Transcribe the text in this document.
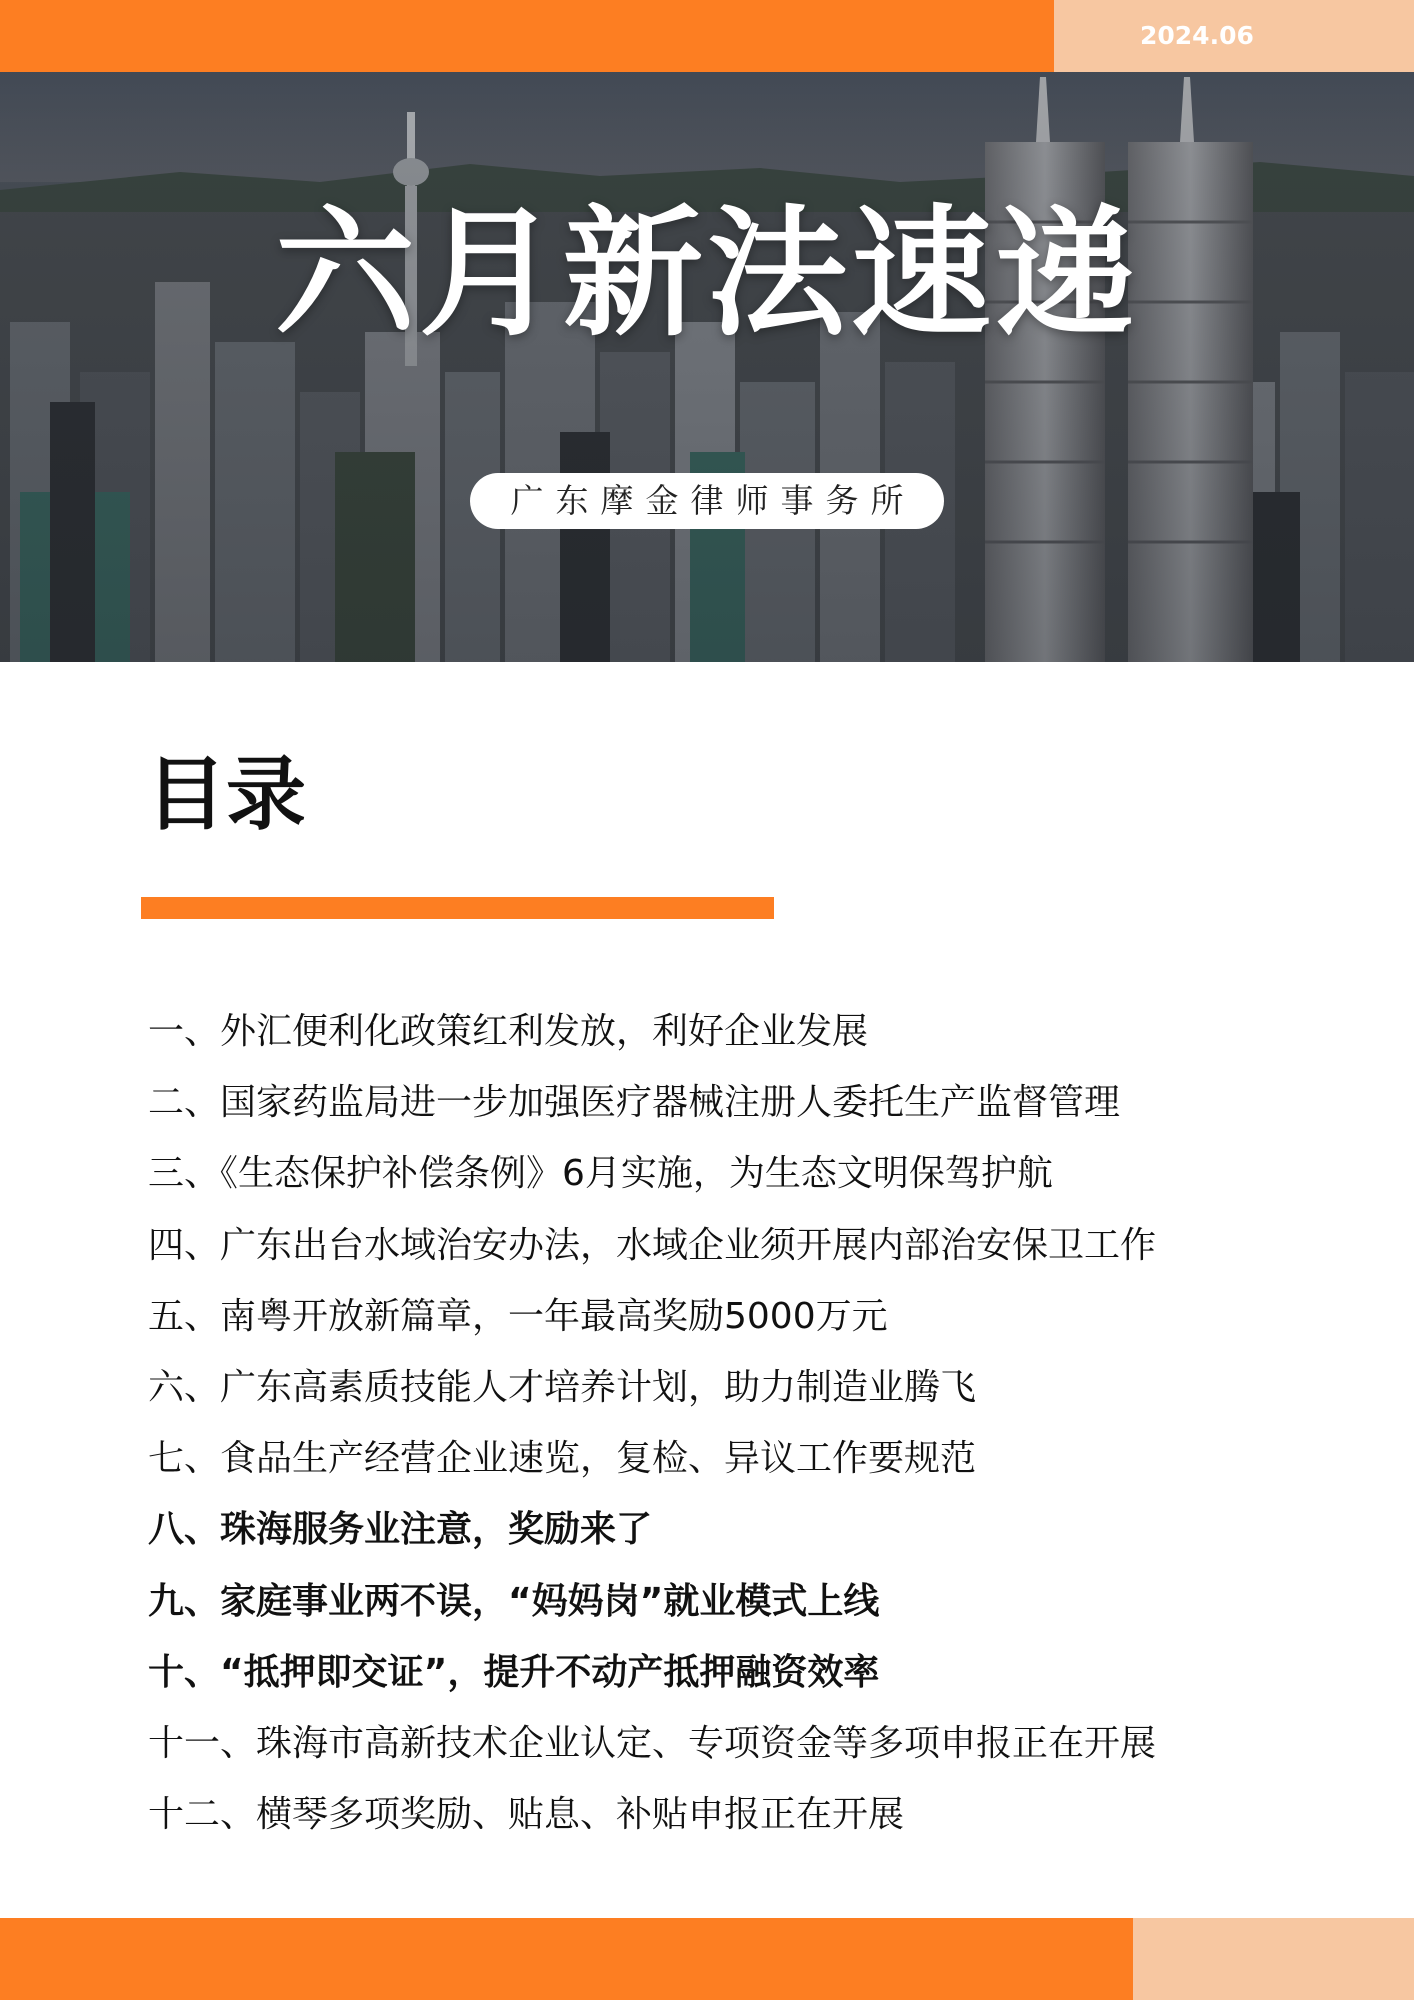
2024.06
六月新法速递
广东摩金律师事务所
目录
一、外汇便利化政策红利发放，利好企业发展
二、国家药监局进一步加强医疗器械注册人委托生产监督管理
三、《生态保护补偿条例》6月实施，为生态文明保驾护航
四、广东出台水域治安办法，水域企业须开展内部治安保卫工作
五、南粤开放新篇章，一年最高奖励5000万元
六、广东高素质技能人才培养计划，助力制造业腾飞
七、食品生产经营企业速览，复检、异议工作要规范
八、珠海服务业注意，奖励来了
九、家庭事业两不误，“妈妈岗”就业模式上线
十、“抵押即交证”，提升不动产抵押融资效率
十一、珠海市高新技术企业认定、专项资金等多项申报正在开展
十二、横琴多项奖励、贴息、补贴申报正在开展
